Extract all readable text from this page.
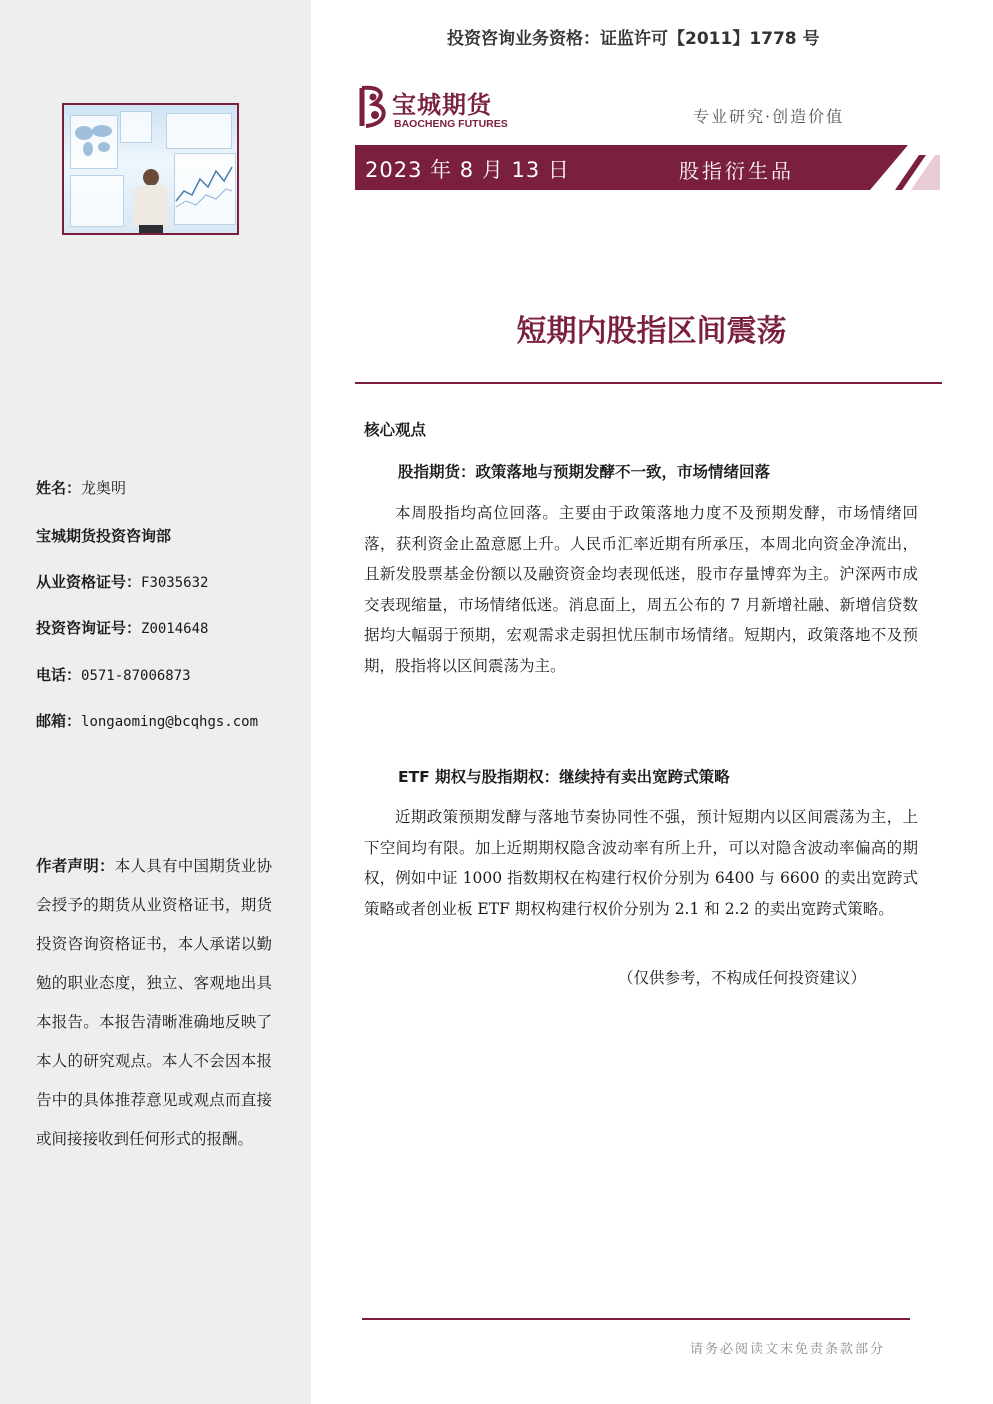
姓名：龙奥明
宝城期货投资咨询部
从业资格证号：F3035632
投资咨询证号：Z0014648
电话：0571-87006873
邮箱：longaoming@bcqhgs.com
作者声明：本人具有中国期货业协会授予的期货从业资格证书，期货投资咨询资格证书，本人承诺以勤勉的职业态度，独立、客观地出具本报告。本报告清晰准确地反映了本人的研究观点。本人不会因本报告中的具体推荐意见或观点而直接或间接接收到任何形式的报酬。
投资咨询业务资格：证监许可【2011】1778 号
宝城期货
BAOCHENG FUTURES	专业研究·创造价值
2023 年 8 月 13 日	股指衍生品
短期内股指区间震荡
核心观点
股指期货：政策落地与预期发酵不一致，市场情绪回落
本周股指均高位回落。主要由于政策落地力度不及预期发酵，市场情绪回落，获利资金止盈意愿上升。人民币汇率近期有所承压，本周北向资金净流出，且新发股票基金份额以及融资资金均表现低迷，股市存量博弈为主。沪深两市成交表现缩量，市场情绪低迷。消息面上，周五公布的 7 月新增社融、新增信贷数据均大幅弱于预期，宏观需求走弱担忧压制市场情绪。短期内，政策落地不及预期，股指将以区间震荡为主。
ETF 期权与股指期权：继续持有卖出宽跨式策略
近期政策预期发酵与落地节奏协同性不强，预计短期内以区间震荡为主，上下空间均有限。加上近期期权隐含波动率有所上升，可以对隐含波动率偏高的期权，例如中证 1000 指数期权在构建行权价分别为 6400 与 6600 的卖出宽跨式策略或者创业板 ETF 期权构建行权价分别为 2.1 和 2.2 的卖出宽跨式策略。
（仅供参考，不构成任何投资建议）
请务必阅读文末免责条款部分
